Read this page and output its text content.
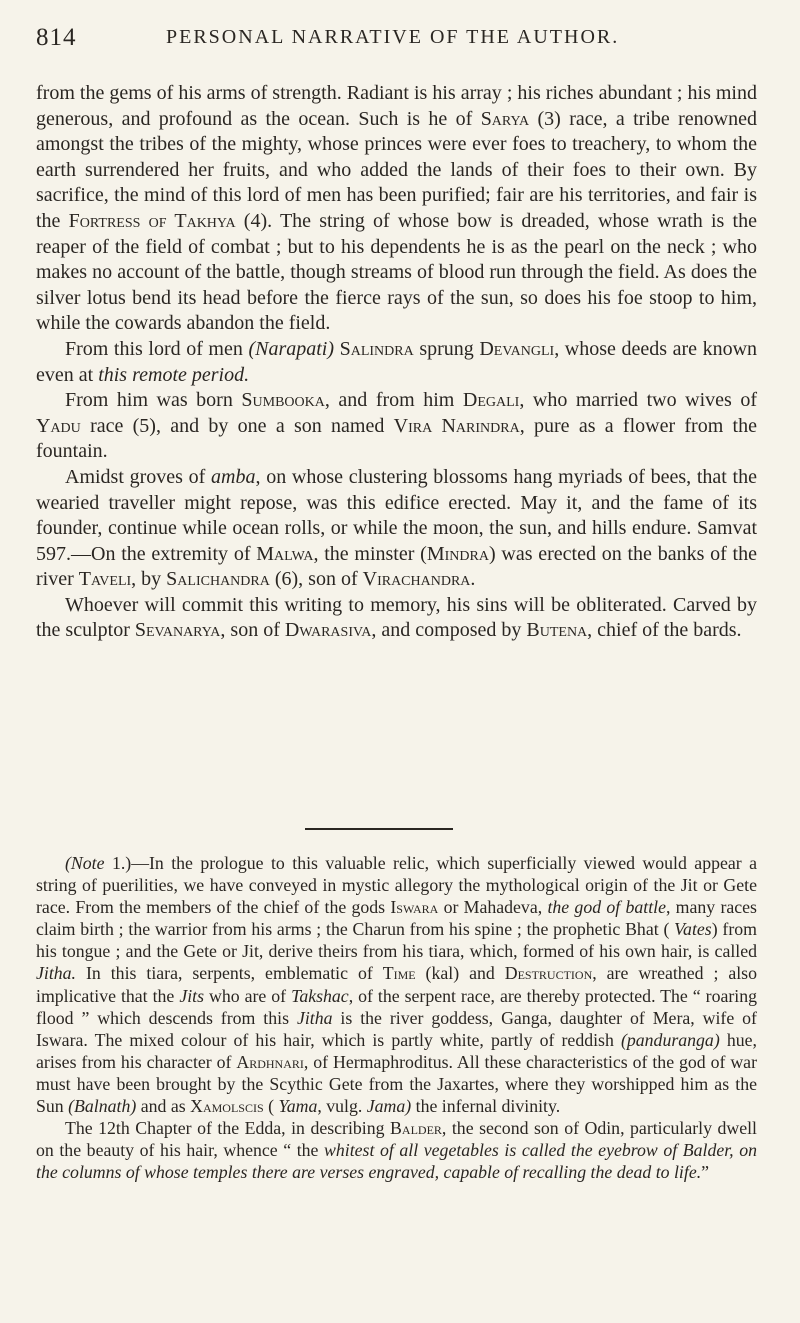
814	PERSONAL NARRATIVE OF THE AUTHOR.

from the gems of his arms of strength. Radiant is his array ; his riches abundant ; his mind generous, and profound as the ocean. Such is he of Sarya (3) race, a tribe renowned amongst the tribes of the mighty, whose princes were ever foes to treachery, to whom the earth surrendered her fruits, and who added the lands of their foes to their own. By sacrifice, the mind of this lord of men has been purified; fair are his territories, and fair is the Fortress of Takhya (4). The string of whose bow is dreaded, whose wrath is the reaper of the field of combat ; but to his dependents he is as the pearl on the neck ; who makes no account of the battle, though streams of blood run through the field. As does the silver lotus bend its head before the fierce rays of the sun, so does his foe stoop to him, while the cowards abandon the field.

From this lord of men (Narapati) Salindra sprung Devangli, whose deeds are known even at this remote period.

From him was born Sumbooka, and from him Degali, who married two wives of Yadu race (5), and by one a son named Vira Narindra, pure as a flower from the fountain.

Amidst groves of amba, on whose clustering blossoms hang myriads of bees, that the wearied traveller might repose, was this edifice erected. May it, and the fame of its founder, continue while ocean rolls, or while the moon, the sun, and hills endure. Samvat 597.—On the extremity of Malwa, the minster (Mindra) was erected on the banks of the river Taveli, by Salichandra (6), son of Virachandra.

Whoever will commit this writing to memory, his sins will be obliterated. Carved by the sculptor Sevanarya, son of Dwarasiva, and composed by Butena, chief of the bards.

(Note 1.)—In the prologue to this valuable relic, which superficially viewed would appear a string of puerilities, we have conveyed in mystic allegory the mythological origin of the Jit or Gete race. From the members of the chief of the gods Iswara or Mahadeva, the god of battle, many races claim birth ; the warrior from his arms ; the Charun from his spine ; the prophetic Bhat ( Vates) from his tongue ; and the Gete or Jit, derive theirs from his tiara, which, formed of his own hair, is called Jitha. In this tiara, serpents, emblematic of Time (kal) and Destruction, are wreathed ; also implicative that the Jits who are of Takshac, of the serpent race, are thereby protected. The “ roaring flood ” which descends from this Jitha is the river goddess, Ganga, daughter of Mera, wife of Iswara. The mixed colour of his hair, which is partly white, partly of reddish (panduranga) hue, arises from his character of Ardhnari, of Hermaphroditus. All these characteristics of the god of war must have been brought by the Scythic Gete from the Jaxartes, where they worshipped him as the Sun (Balnath) and as Xamolscis ( Yama, vulg. Jama) the infernal divinity.

The 12th Chapter of the Edda, in describing Balder, the second son of Odin, particularly dwell on the beauty of his hair, whence “ the whitest of all vegetables is called the eyebrow of Balder, on the columns of whose temples there are verses engraved, capable of recalling the dead to life.”
